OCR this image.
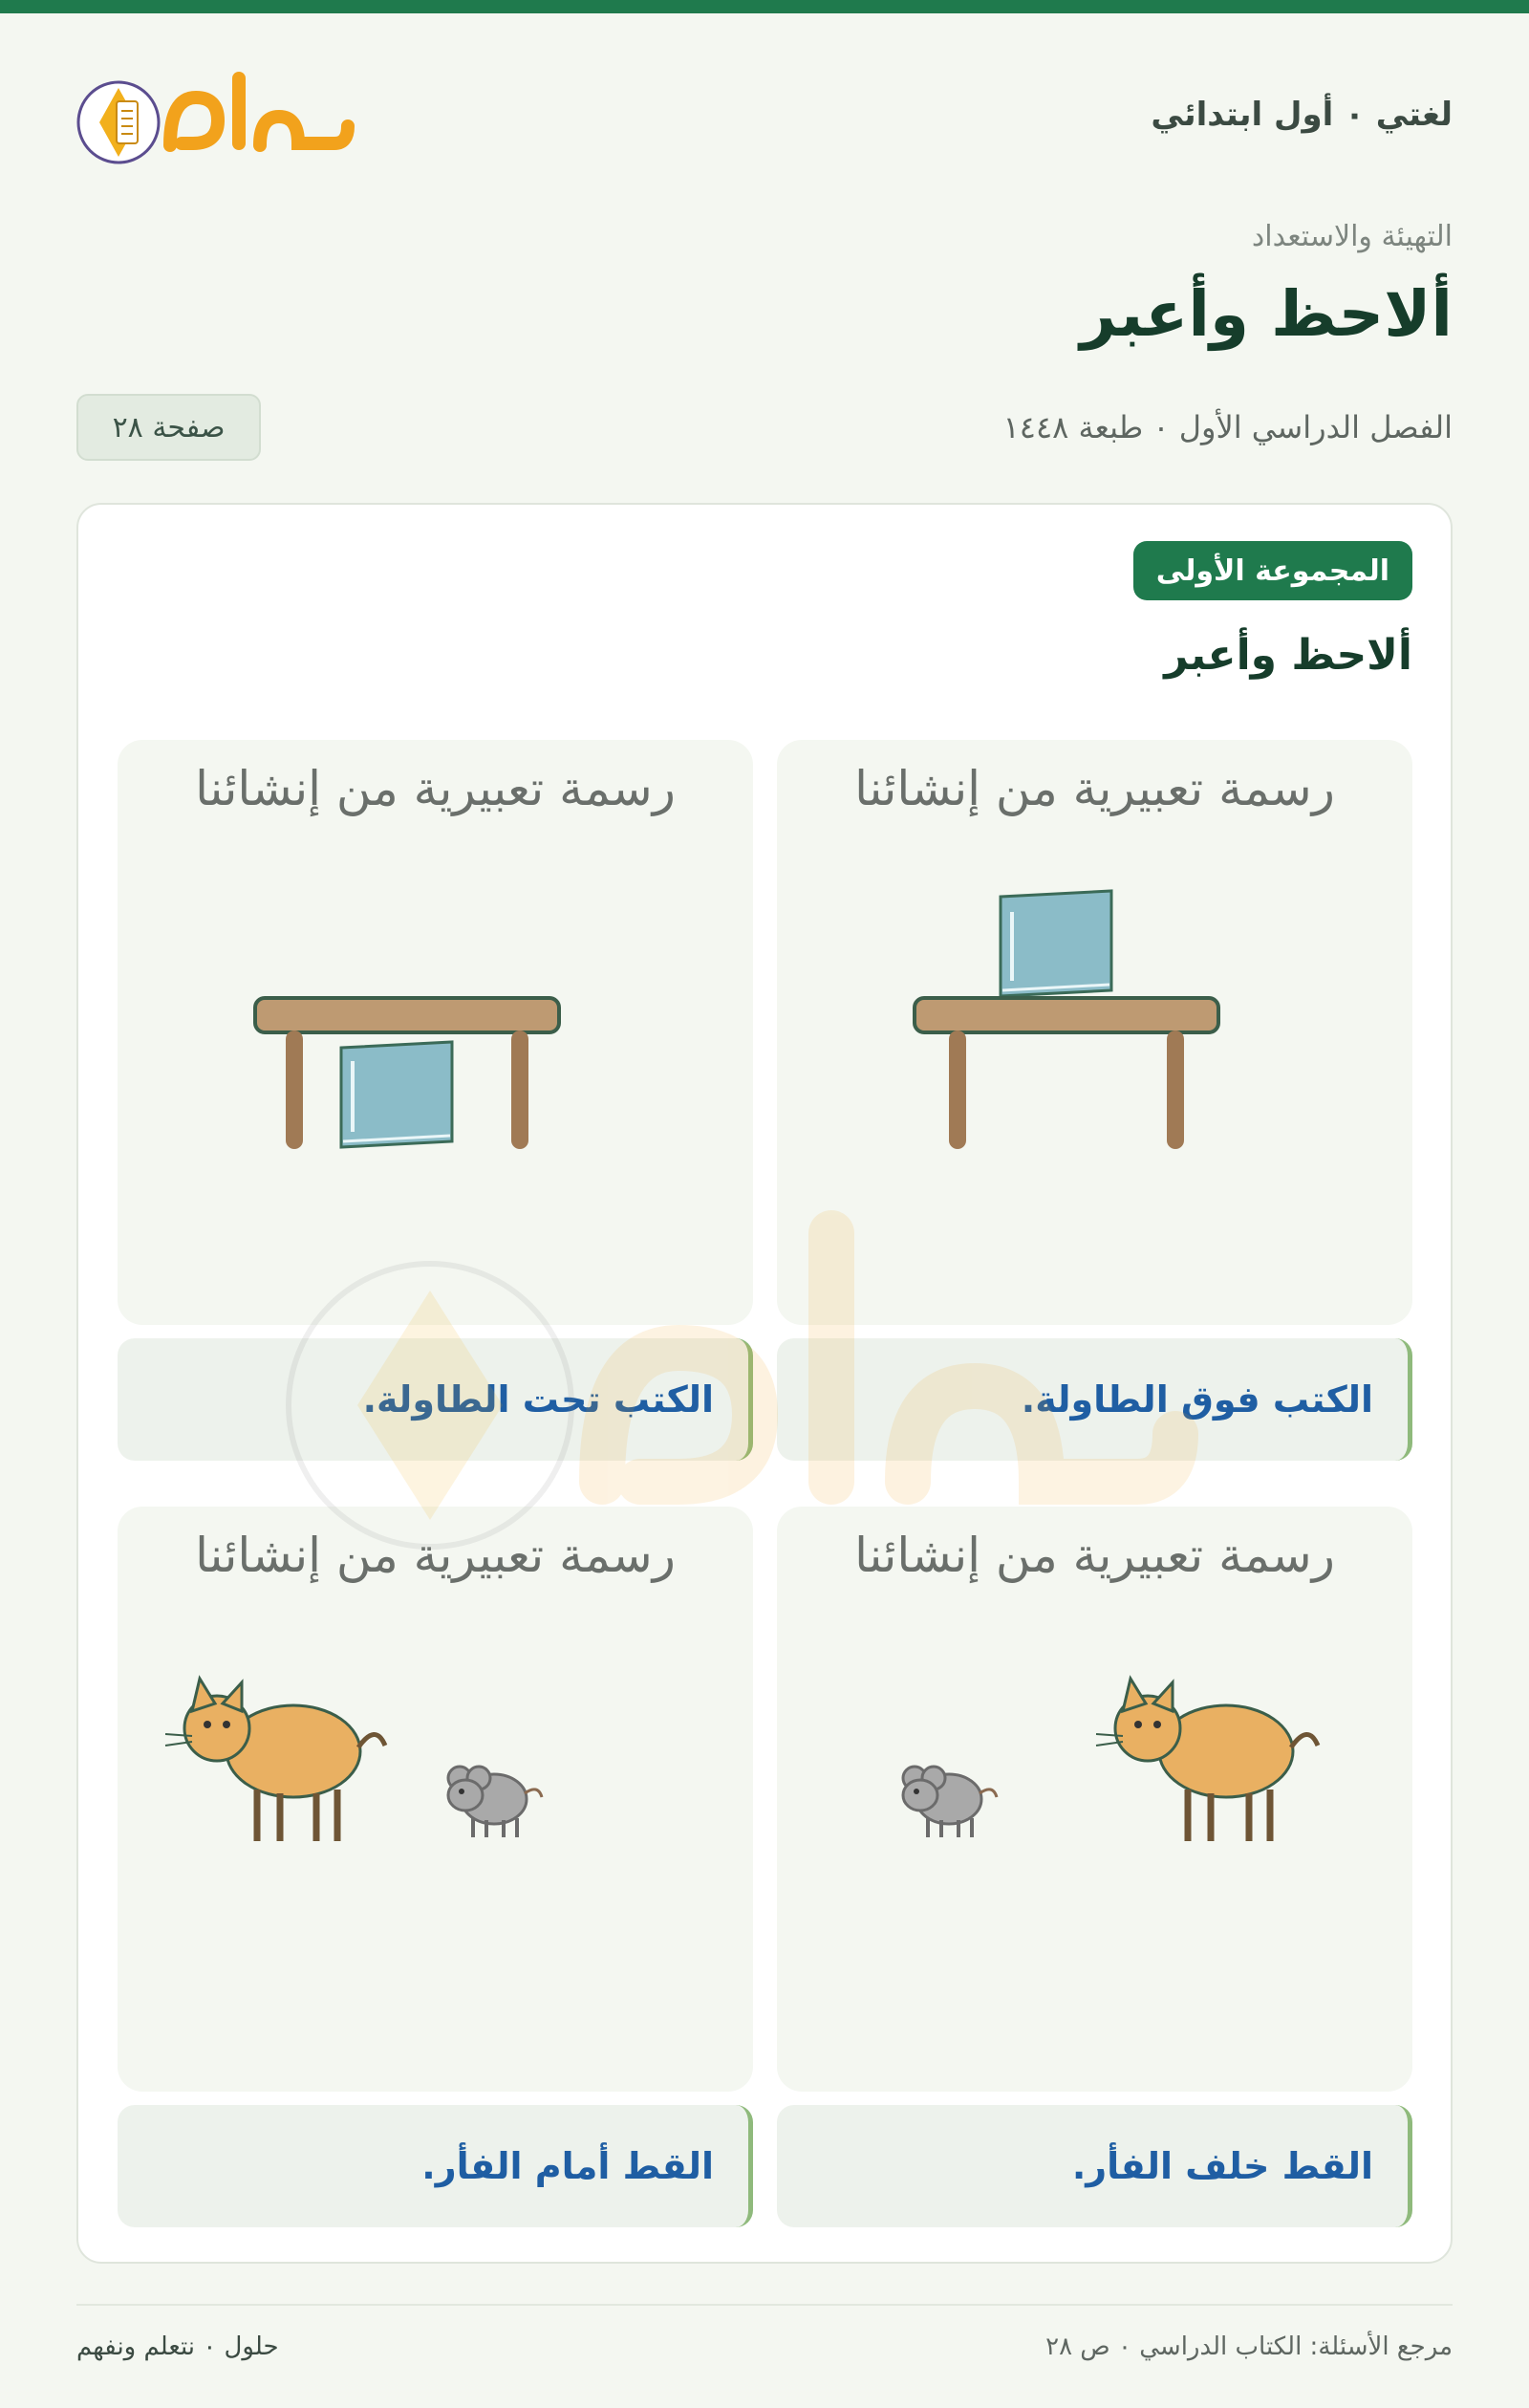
لغتي ٠ أول ابتدائي
التهيئة والاستعداد
ألاحظ وأعبر
الفصل الدراسي الأول ٠ طبعة ١٤٤٨
صفحة ٢٨
المجموعة الأولى
ألاحظ وأعبر
رسمة تعبيرية من إنشائنا
رسمة تعبيرية من إنشائنا
الكتب فوق الطاولة.
الكتب تحت الطاولة.
رسمة تعبيرية من إنشائنا
رسمة تعبيرية من إنشائنا
القط خلف الفأر.
القط أمام الفأر.
مرجع الأسئلة: الكتاب الدراسي ٠ ص ٢٨
حلول ٠ نتعلم ونفهم
